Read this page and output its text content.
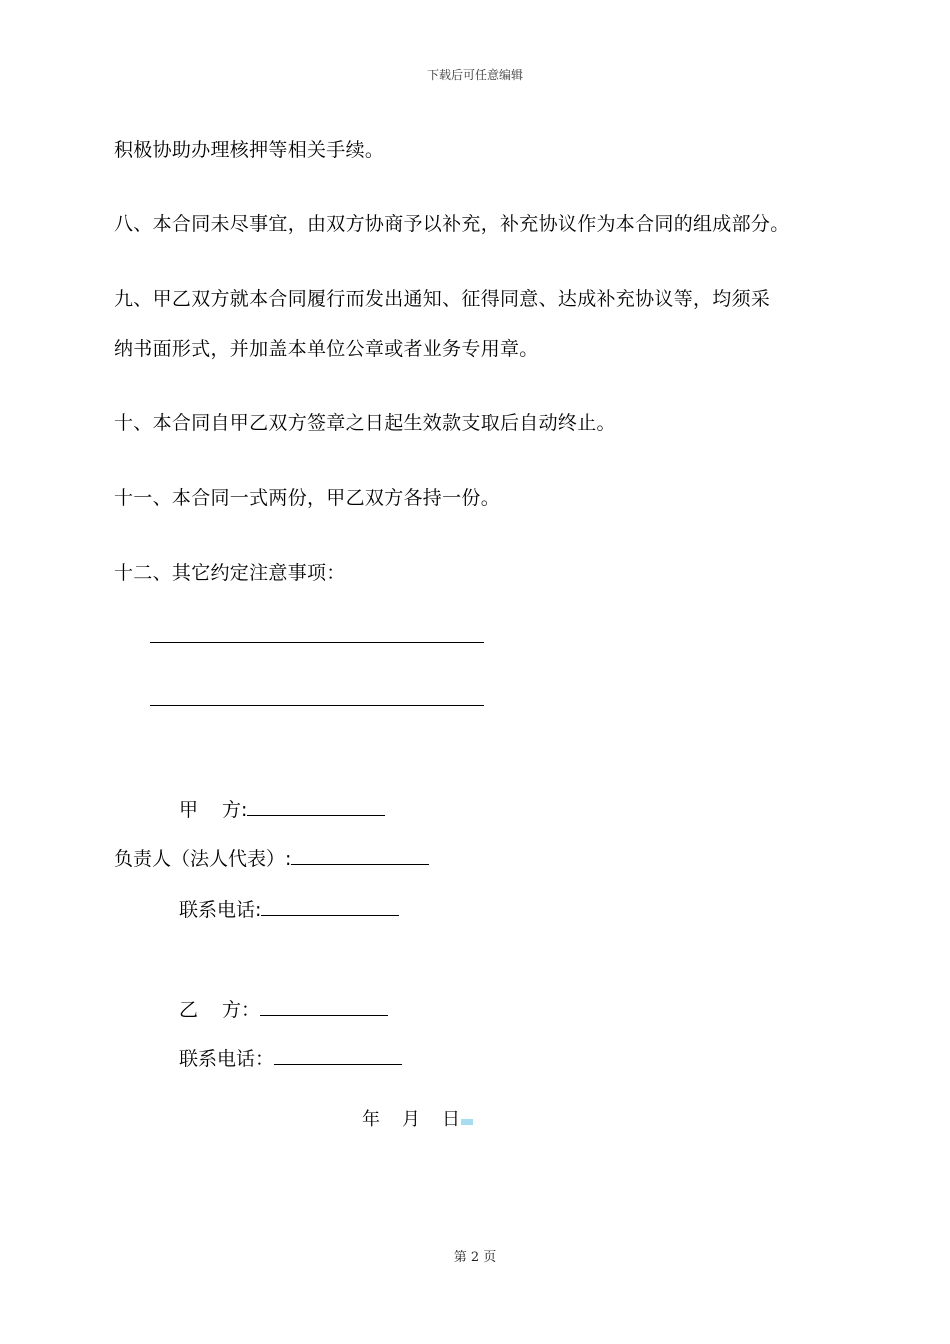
下载后可任意编辑
积极协助办理核押等相关手续。
八、本合同未尽事宜，由双方协商予以补充，补充协议作为本合同的组成部分。
九、甲乙双方就本合同履行而发出通知、征得同意、达成补充协议等，均须采
纳书面形式，并加盖本单位公章或者业务专用章。
十、本合同自甲乙双方签章之日起生效款支取后自动终止。
十一、本合同一式两份，甲乙双方各持一份。
十二、其它约定注意事项：
甲 方:
负责人（法人代表）:
联系电话:
乙 方：
联系电话：
年 月 日
第 2 页
